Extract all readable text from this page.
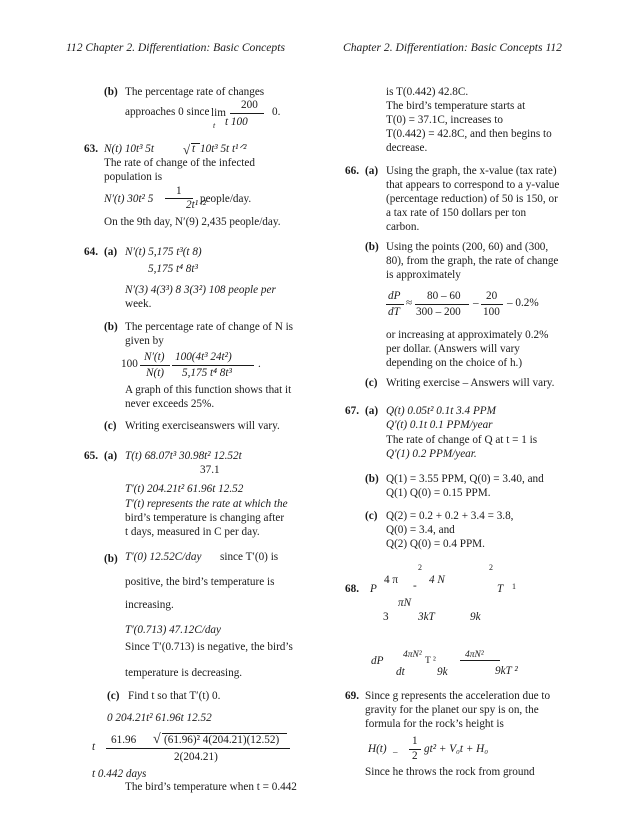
112 Chapter 2. Differentiation: Basic Concepts	Chapter 2. Differentiation: Basic Concepts 112
(b) The percentage rate of changes
approaches 0 since lim
200
t t 100
0.
63. N(t) 10t³ 5t √ t 10t³ 5t t¹ᐟ²
The rate of change of the infected
population is
N′(t) 30t² 5
1
2t¹ᐟ²
people/day.
On the 9th day, N′(9) 2,435 people/day.
64. (a) N′(t) 5,175 t³(t 8)
5,175 t⁴ 8t³
N′(3) 4(3³) 8 3(3²) 108 people per
week.
(b) The percentage rate of change of N is
given by
100
N′(t)
N(t)
100(4t³ 24t²)
5,175 t⁴ 8t³
.
A graph of this function shows that it
never exceeds 25%.
(c) Writing exerciseanswers will vary.
65. (a) T(t) 68.07t³ 30.98t² 12.52t
37.1
T′(t) 204.21t² 61.96t 12.52
T′(t) represents the rate at which the
bird’s temperature is changing after
t days, measured in C per day.
(b) T′(0) 12.52C/day since T′(0) is
positive, the bird’s temperature is
increasing.
T′(0.713) 47.12C/day
Since T′(0.713) is negative, the bird’s
temperature is decreasing.
(c) Find t so that T′(t) 0.
0 204.21t² 61.96t 12.52
t
61.96 √ (61.96)² 4(204.21)(12.52)
2(204.21)
t 0.442 days
The bird’s temperature when t = 0.442
is T(0.442) 42.8C.
The bird’s temperature starts at
T(0) = 37.1C, increases to
T(0.442) = 42.8C, and then begins to
decrease.
66. (a) Using the graph, the x-value (tax rate)
that appears to correspond to a y-value
(percentage reduction) of 50 is 150, or
a tax rate of 150 dollars per ton
carbon.
(b) Using the points (200, 60) and (300,
80), from the graph, the rate of change
is approximately
dP
dT
≈
80 – 60
300 – 200
–
20
100
– 0.2%
or increasing at approximately 0.2%
per dollar. (Answers will vary
depending on the choice of h.)
(c) Writing exercise – Answers will vary.
67. (a) Q(t) 0.05t² 0.1t 3.4 PPM
Q′(t) 0.1t 0.1 PPM/year
The rate of change of Q at t = 1 is
Q′(1) 0.2 PPM/year.
(b) Q(1) = 3.55 PPM, Q(0) = 3.40, and
Q(1) Q(0) = 0.15 PPM.
(c) Q(2) = 0.2 + 0.2 + 3.4 = 3.8,
Q(0) = 3.4, and
Q(2) Q(0) = 0.4 PPM.
2	2
68. P
4 π - 4 N
T 1
πN
3	3kT	9k
dP
dt
4πN²
T ²
9k
4πN²
9kT ²
69. Since g represents the acceleration due to
gravity for the planet our spy is on, the
formula for the rock’s height is
H(t) –
1
2
gt² + V₀t + H₀
Since he throws the rock from ground
